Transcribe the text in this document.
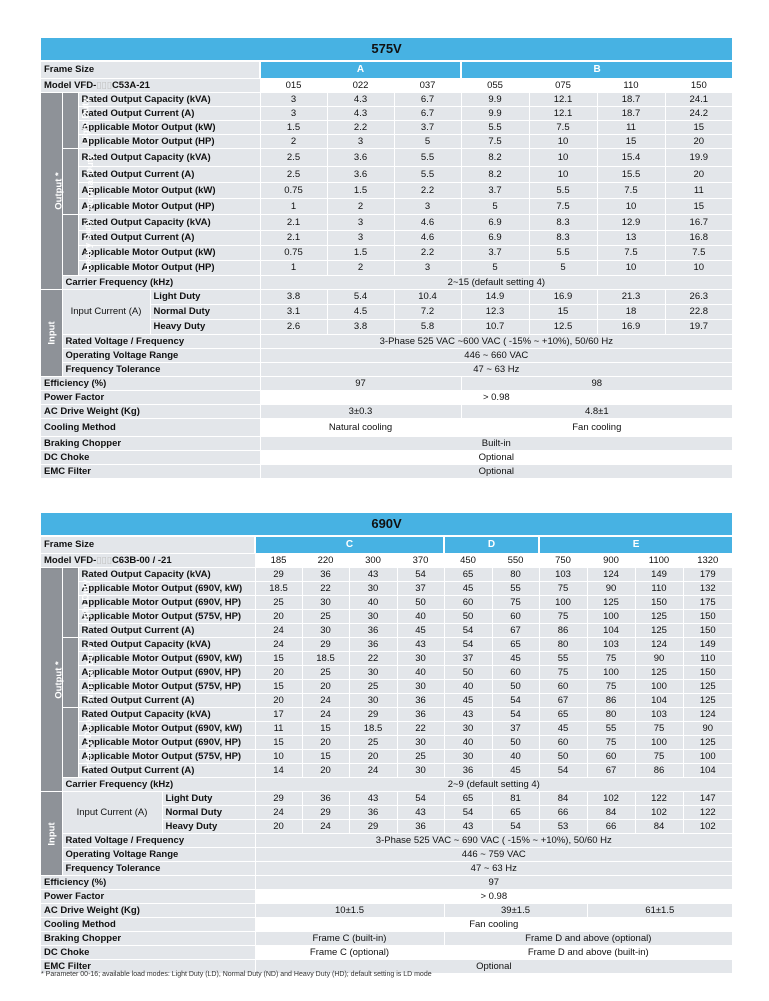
575V										
Frame Size				A			B			
Model VFD-▯▯▯C53A-21				015	022	037	055	075	110	150
Output *	Light Duty	Rated Output Capacity (kVA)		3	4.3	6.7	9.9	12.1	18.7	24.1
		Rated Output Current (A)		3	4.3	6.7	9.9	12.1	18.7	24.2
		Applicable Motor Output (kW)		1.5	2.2	3.7	5.5	7.5	11	15
		Applicable Motor Output (HP)		2	3	5	7.5	10	15	20
	Normal Duty	Rated Output Capacity (kVA)		2.5	3.6	5.5	8.2	10	15.4	19.9
		Rated Output Current (A)		2.5	3.6	5.5	8.2	10	15.5	20
		Applicable Motor Output (kW)		0.75	1.5	2.2	3.7	5.5	7.5	11
		Applicable Motor Output (HP)		1	2	3	5	7.5	10	15
	Heavy Duty	Rated Output Capacity (kVA)		2.1	3	4.6	6.9	8.3	12.9	16.7
		Rated Output Current (A)		2.1	3	4.6	6.9	8.3	13	16.8
		Applicable Motor Output (kW)		0.75	1.5	2.2	3.7	5.5	7.5	7.5
		Applicable Motor Output (HP)		1	2	3	5	5	10	10
	Carrier Frequency (kHz)			2~15 (default setting 4)						
Input	Input Current (A)		Light Duty	3.8	5.4	10.4	14.9	16.9	21.3	26.3
			Normal Duty	3.1	4.5	7.2	12.3	15	18	22.8
			Heavy Duty	2.6	3.8	5.8	10.7	12.5	16.9	19.7
	Rated Voltage / Frequency			3-Phase 525 VAC ~600 VAC ( -15% ~ +10%), 50/60 Hz						
	Operating Voltage Range			446 ~ 660 VAC						
	Frequency Tolerance			47 ~ 63 Hz						
Efficiency (%)				97			98			
Power Factor				> 0.98						
AC Drive Weight (Kg)				3±0.3			4.8±1			
Cooling Method				Natural cooling			Fan cooling			
Braking Chopper				Built-in						
DC Choke				Optional						
EMC Filter				Optional						
690V													
Frame Size				C				D		E			
Model VFD-▯▯▯C63B-00 / -21				185	220	300	370	450	550	750	900	1100	1320
Output *	Light Duty	Rated Output Capacity (kVA)		29	36	43	54	65	80	103	124	149	179
		Applicable Motor Output (690V, kW)		18.5	22	30	37	45	55	75	90	110	132
		Applicable Motor Output (690V, HP)		25	30	40	50	60	75	100	125	150	175
		Applicable Motor Output (575V, HP)		20	25	30	40	50	60	75	100	125	150
		Rated Output Current (A)		24	30	36	45	54	67	86	104	125	150
	Normal Duty	Rated Output Capacity (kVA)		24	29	36	43	54	65	80	103	124	149
		Applicable Motor Output (690V, kW)		15	18.5	22	30	37	45	55	75	90	110
		Applicable Motor Output (690V, HP)		20	25	30	40	50	60	75	100	125	150
		Applicable Motor Output (575V, HP)		15	20	25	30	40	50	60	75	100	125
		Rated Output Current (A)		20	24	30	36	45	54	67	86	104	125
	Heavy Duty	Rated Output Capacity (kVA)		17	24	29	36	43	54	65	80	103	124
		Applicable Motor Output (690V, kW)		11	15	18.5	22	30	37	45	55	75	90
		Applicable Motor Output (690V, HP)		15	20	25	30	40	50	60	75	100	125
		Applicable Motor Output (575V, HP)		10	15	20	25	30	40	50	60	75	100
		Rated Output Current (A)		14	20	24	30	36	45	54	67	86	104
	Carrier Frequency (kHz)			2~9 (default setting 4)									
Input	Input Current (A)		Light Duty	29	36	43	54	65	81	84	102	122	147
			Normal Duty	24	29	36	43	54	65	66	84	102	122
			Heavy Duty	20	24	29	36	43	54	53	66	84	102
	Rated Voltage / Frequency			3-Phase 525 VAC ~ 690 VAC ( -15% ~ +10%), 50/60 Hz									
	Operating Voltage Range			446 ~ 759 VAC									
	Frequency Tolerance			47 ~ 63 Hz									
Efficiency (%)				97									
Power Factor				> 0.98									
AC Drive Weight (Kg)				10±1.5				39±1.5			61±1.5		
Cooling Method				Fan cooling									
Braking Chopper				Frame C (built-in)				Frame D and above (optional)					
DC Choke				Frame C (optional)				Frame D and above (built-in)					
EMC Filter				Optional									
* Parameter 00-16; available load modes: Light Duty (LD), Normal Duty (ND) and Heavy Duty (HD); default setting is LD mode
